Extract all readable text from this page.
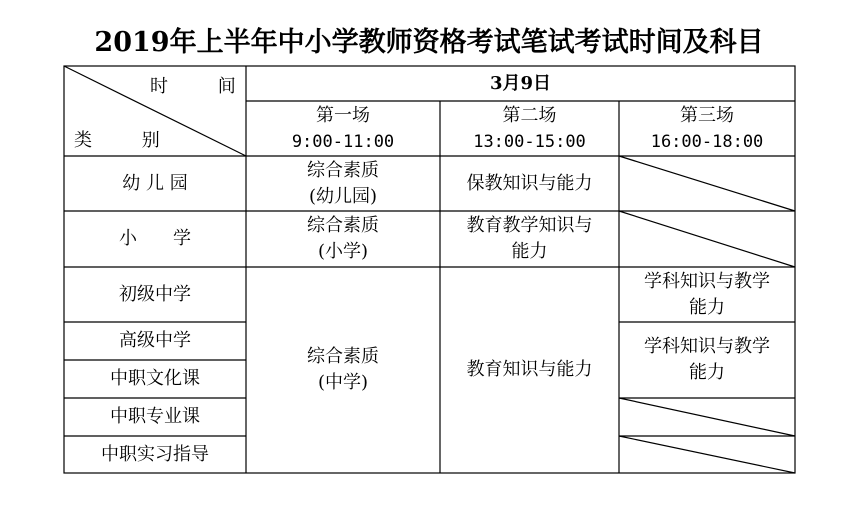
2019年上半年中小学教师资格考试笔试考试时间及科目
时 间
类 别
3月9日
第一场
9:00-11:00
第二场
13:00-15:00
第三场
16:00-18:00
幼 儿 园
小　　学
初级中学
高级中学
中职文化课
中职专业课
中职实习指导
综合素质
(幼儿园)
保教知识与能力
综合素质
(小学)
教育教学知识与
能力
综合素质
(中学)
教育知识与能力
学科知识与教学
能力
学科知识与教学
能力
